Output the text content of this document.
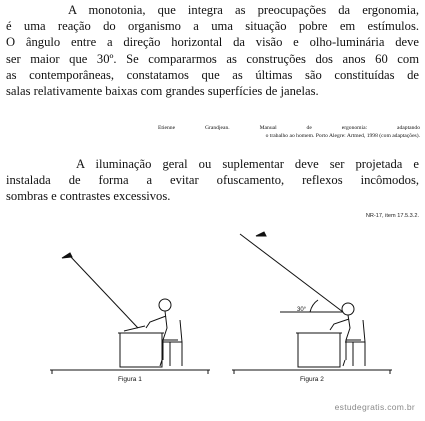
A monotonia, que integra as preocupações da ergonomia,
é uma reação do organismo a uma situação pobre em estímulos.
O ângulo entre a direção horizontal da visão e olho-luminária deve
ser maior que 30º. Se compararmos as construções dos anos 60 com
as contemporâneas, constatamos que as últimas são constituídas de
salas relativamente baixas com grandes superfícies de janelas.
Etienne Grandjean. Manual de ergonomia: adaptando
o trabalho ao homem. Porto Alegre: Artmed, 1998 (com adaptações).
A iluminação geral ou suplementar deve ser projetada e
instalada de forma a evitar ofuscamento, reflexos incômodos,
sombras e contrastes excessivos.
NR-17, item 17.5.3.2.
30°
Figura 1	Figura 2
estudegratis.com.br
